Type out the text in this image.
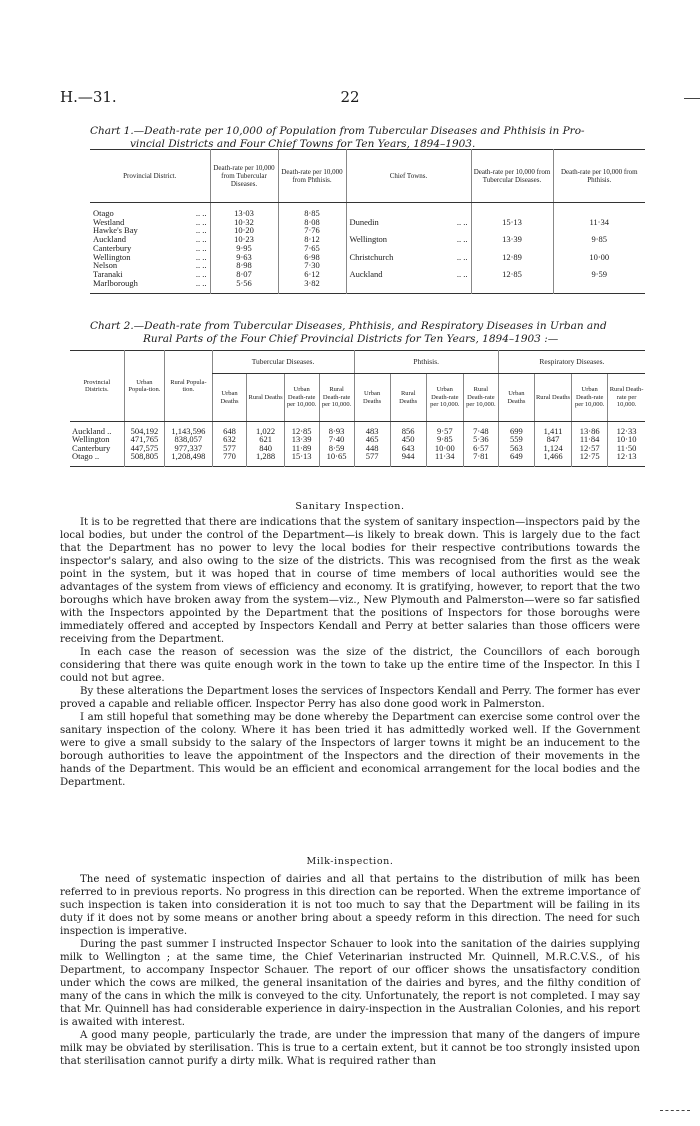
H.—31.	22
Chart 1.—Death-rate per 10,000 of Population from Tubercular Diseases and Phthisis in Pro-
vincial Districts and Four Chief Towns for Ten Years, 1894–1903.
Provincial District.	Death-rate per 10,000 from Tubercular Diseases.	Death-rate per 10,000 from Phthisis.	Chief Towns.	Death-rate per 10,000 from Tubercular Diseases.	Death-rate per 10,000 from Phthisis.

Otago .. ..	13·03	8·85			
Westland .. ..	10·32	8·08	Dunedin .. ..	15·13	11·34
Hawke's Bay .. ..	10·20	7·76			
Auckland .. ..	10·23	8·12	Wellington .. ..	13·39	9·85
Canterbury .. ..	9·95	7·65			
Wellington .. ..	9·63	6·98	Christchurch .. ..	12·89	10·00
Nelson .. ..	8·98	7·30			
Taranaki .. ..	8·07	6·12	Auckland .. ..	12·85	9·59
Marlborough .. ..	5·56	3·82			

Chart 2.—Death-rate from Tubercular Diseases, Phthisis, and Respiratory Diseases in Urban and
Rural Parts of the Four Chief Provincial Districts for Ten Years, 1894–1903 :—
Provincial Districts.	Urban Popula-tion.	Rural Popula-tion.	Tubercular Diseases.				Phthisis.				Respiratory Diseases.			
			Urban Deaths	Rural Deaths	Urban Death-rate per 10,000.	Rural Death-rate per 10,000.	Urban Deaths	Rural Deaths	Urban Death-rate per 10,000.	Rural Death-rate per 10,000.	Urban Deaths	Rural Deaths	Urban Death-rate per 10,000.	Rural Death-rate per 10,000.

Auckland ..	504,192	1,143,596	648	1,022	12·85	8·93	483	856	9·57	7·48	699	1,411	13·86	12·33
Wellington	471,765	838,057	632	621	13·39	7·40	465	450	9·85	5·36	559	847	11·84	10·10
Canterbury	447,575	977,337	577	840	11·89	8·59	448	643	10·00	6·57	563	1,124	12·57	11·50
Otago ..	508,805	1,208,498	770	1,288	15·13	10·65	577	944	11·34	7·81	649	1,466	12·75	12·13

Sanitary Inspection.

It is to be regretted that there are indications that the system of sanitary inspection—inspectors paid by the local bodies, but under the control of the Department—is likely to break down. This is largely due to the fact that the Department has no power to levy the local bodies for their respective contributions towards the inspector's salary, and also owing to the size of the districts. This was recognised from the first as the weak point in the system, but it was hoped that in course of time members of local authorities would see the advantages of the system from views of efficiency and economy. It is gratifying, however, to report that the two boroughs which have broken away from the system—viz., New Plymouth and Palmerston—were so far satisfied with the Inspectors appointed by the Department that the positions of Inspectors for those boroughs were immediately offered and accepted by Inspectors Kendall and Perry at better salaries than those officers were receiving from the Department.

In each case the reason of secession was the size of the district, the Councillors of each borough considering that there was quite enough work in the town to take up the entire time of the Inspector. In this I could not but agree.

By these alterations the Department loses the services of Inspectors Kendall and Perry. The former has ever proved a capable and reliable officer. Inspector Perry has also done good work in Palmerston.

I am still hopeful that something may be done whereby the Department can exercise some control over the sanitary inspection of the colony. Where it has been tried it has admittedly worked well. If the Government were to give a small subsidy to the salary of the Inspectors of larger towns it might be an inducement to the borough authorities to leave the appointment of the Inspectors and the direction of their movements in the hands of the Department. This would be an efficient and economical arrangement for the local bodies and the Department.

Milk-inspection.

The need of systematic inspection of dairies and all that pertains to the distribution of milk has been referred to in previous reports. No progress in this direction can be reported. When the extreme importance of such inspection is taken into consideration it is not too much to say that the Department will be failing in its duty if it does not by some means or another bring about a speedy reform in this direction. The need for such inspection is imperative.

During the past summer I instructed Inspector Schauer to look into the sanitation of the dairies supplying milk to Wellington ; at the same time, the Chief Veterinarian instructed Mr. Quinnell, M.R.C.V.S., of his Department, to accompany Inspector Schauer. The report of our officer shows the unsatisfactory condition under which the cows are milked, the general insanitation of the dairies and byres, and the filthy condition of many of the cans in which the milk is conveyed to the city. Unfortunately, the report is not completed. I may say that Mr. Quinnell has had considerable experience in dairy-inspection in the Australian Colonies, and his report is awaited with interest.

A good many people, particularly the trade, are under the impression that many of the dangers of impure milk may be obviated by sterilisation. This is true to a certain extent, but it cannot be too strongly insisted upon that sterilisation cannot purify a dirty milk. What is required rather than
